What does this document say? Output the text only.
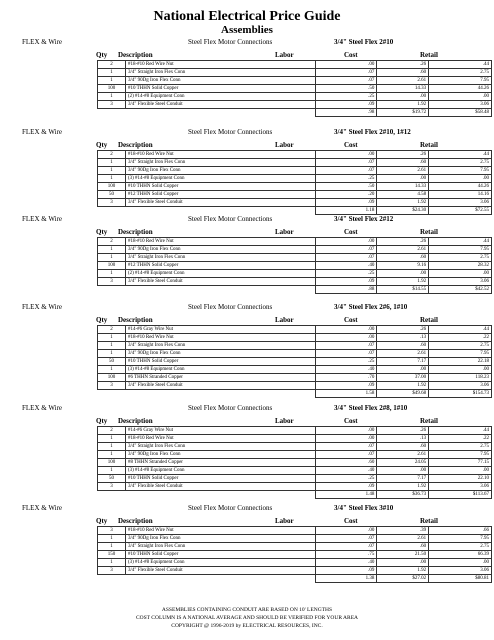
National Electrical Price Guide
Assemblies
FLEX & Wire	Steel Flex Motor Connections	3/4" Steel Flex 2#10
Qty Description	Labor	Cost	Retail
2	#18-#10 Red Wire Nut	.00	.26	.44
1	3/4" Straight Iron Flex Conn	.07	.60	2.75
1	3/4" 90Dg Iron Flex Conn	.07	2.61	7.95
100	#10 THHN Solid Copper	.50	14.33	44.26
1	(2) #14-#8 Equipment Conn	.25	.00	.00
3	3/4" Flexible Steel Conduit	.09	1.92	3.06
		.98	$19.72	$58.48
FLEX & Wire	Steel Flex Motor Connections	3/4" Steel Flex 2#10, 1#12
Qty Description	Labor	Cost	Retail
2	#18-#10 Red Wire Nut	.00	.26	.44
1	3/4" Straight Iron Flex Conn	.07	.60	2.75
1	3/4" 90Dg Iron Flex Conn	.07	2.61	7.95
1	(3) #14-#8 Equipment Conn	.25	.00	.00
100	#10 THHN Solid Copper	.50	14.33	44.26
50	#12 THHN Solid Copper	.20	4.58	14.16
3	3/4" Flexible Steel Conduit	.09	1.92	3.06
		1.18	$24.30	$72.55
FLEX & Wire	Steel Flex Motor Connections	3/4" Steel Flex 2#12
Qty Description	Labor	Cost	Retail
2	#18-#10 Red Wire Nut	.00	.26	.44
1	3/4" 90Dg Iron Flex Conn	.07	2.61	7.95
1	3/4" Straight Iron Flex Conn	.07	.60	2.75
100	#12 THHN Solid Copper	.40	9.16	28.32
1	(2) #14-#8 Equipment Conn	.25	.00	.00
3	3/4" Flexible Steel Conduit	.09	1.92	3.06
		.88	$14.55	$42.52
FLEX & Wire	Steel Flex Motor Connections	3/4" Steel Flex 2#6, 1#10
Qty Description	Labor	Cost	Retail
2	#14-#6 Gray Wire Nut	.00	.26	.44
1	#18-#10 Red Wire Nut	.00	.13	.22
1	3/4" Straight Iron Flex Conn	.07	.60	2.75
1	3/4" 90Dg Iron Flex Conn	.07	2.61	7.95
50	#10 THHN Solid Copper	.25	7.17	22.18
1	(3) #14-#8 Equipment Conn	.40	.00	.00
100	#6 THHN Stranded Copper	.70	37.00	118.23
3	3/4" Flexible Steel Conduit	.09	1.92	3.06
		1.58	$49.68	$154.73
FLEX & Wire	Steel Flex Motor Connections	3/4" Steel Flex 2#8, 1#10
Qty Description	Labor	Cost	Retail
2	#14-#6 Gray Wire Nut	.00	.26	.44
1	#18-#10 Red Wire Nut	.00	.13	.22
1	3/4" Straight Iron Flex Conn	.07	.60	2.75
1	3/4" 90Dg Iron Flex Conn	.07	2.61	7.95
100	#8 THHN Stranded Copper	.60	24.05	77.15
1	(3) #14-#8 Equipment Conn	.40	.00	.00
50	#10 THHN Solid Copper	.25	7.17	22.10
3	3/4" Flexible Steel Conduit	.09	1.92	3.06
		1.48	$36.73	$113.67
FLEX & Wire	Steel Flex Motor Connections	3/4" Steel Flex 3#10
Qty Description	Labor	Cost	Retail
3	#18-#10 Red Wire Nut	.00	.39	.66
1	3/4" 90Dg Iron Flex Conn	.07	2.61	7.95
1	3/4" Straight Iron Flex Conn	.07	.60	2.75
150	#10 THHN Solid Copper	.75	21.50	66.39
1	(3) #14-#8 Equipment Conn	.40	.00	.00
3	3/4" Flexible Steel Conduit	.09	1.92	3.06
		1.38	$27.02	$80.81
ASSEMBLIES CONTAINING CONDUIT ARE BASED ON 10' LENGTHS
COST COLUMN IS A NATIONAL AVERAGE AND SHOULD BE VERIFIED FOR YOUR AREA
COPYRIGHT @ 1996-2019 by ELECTRICAL RESOURCES, INC.
